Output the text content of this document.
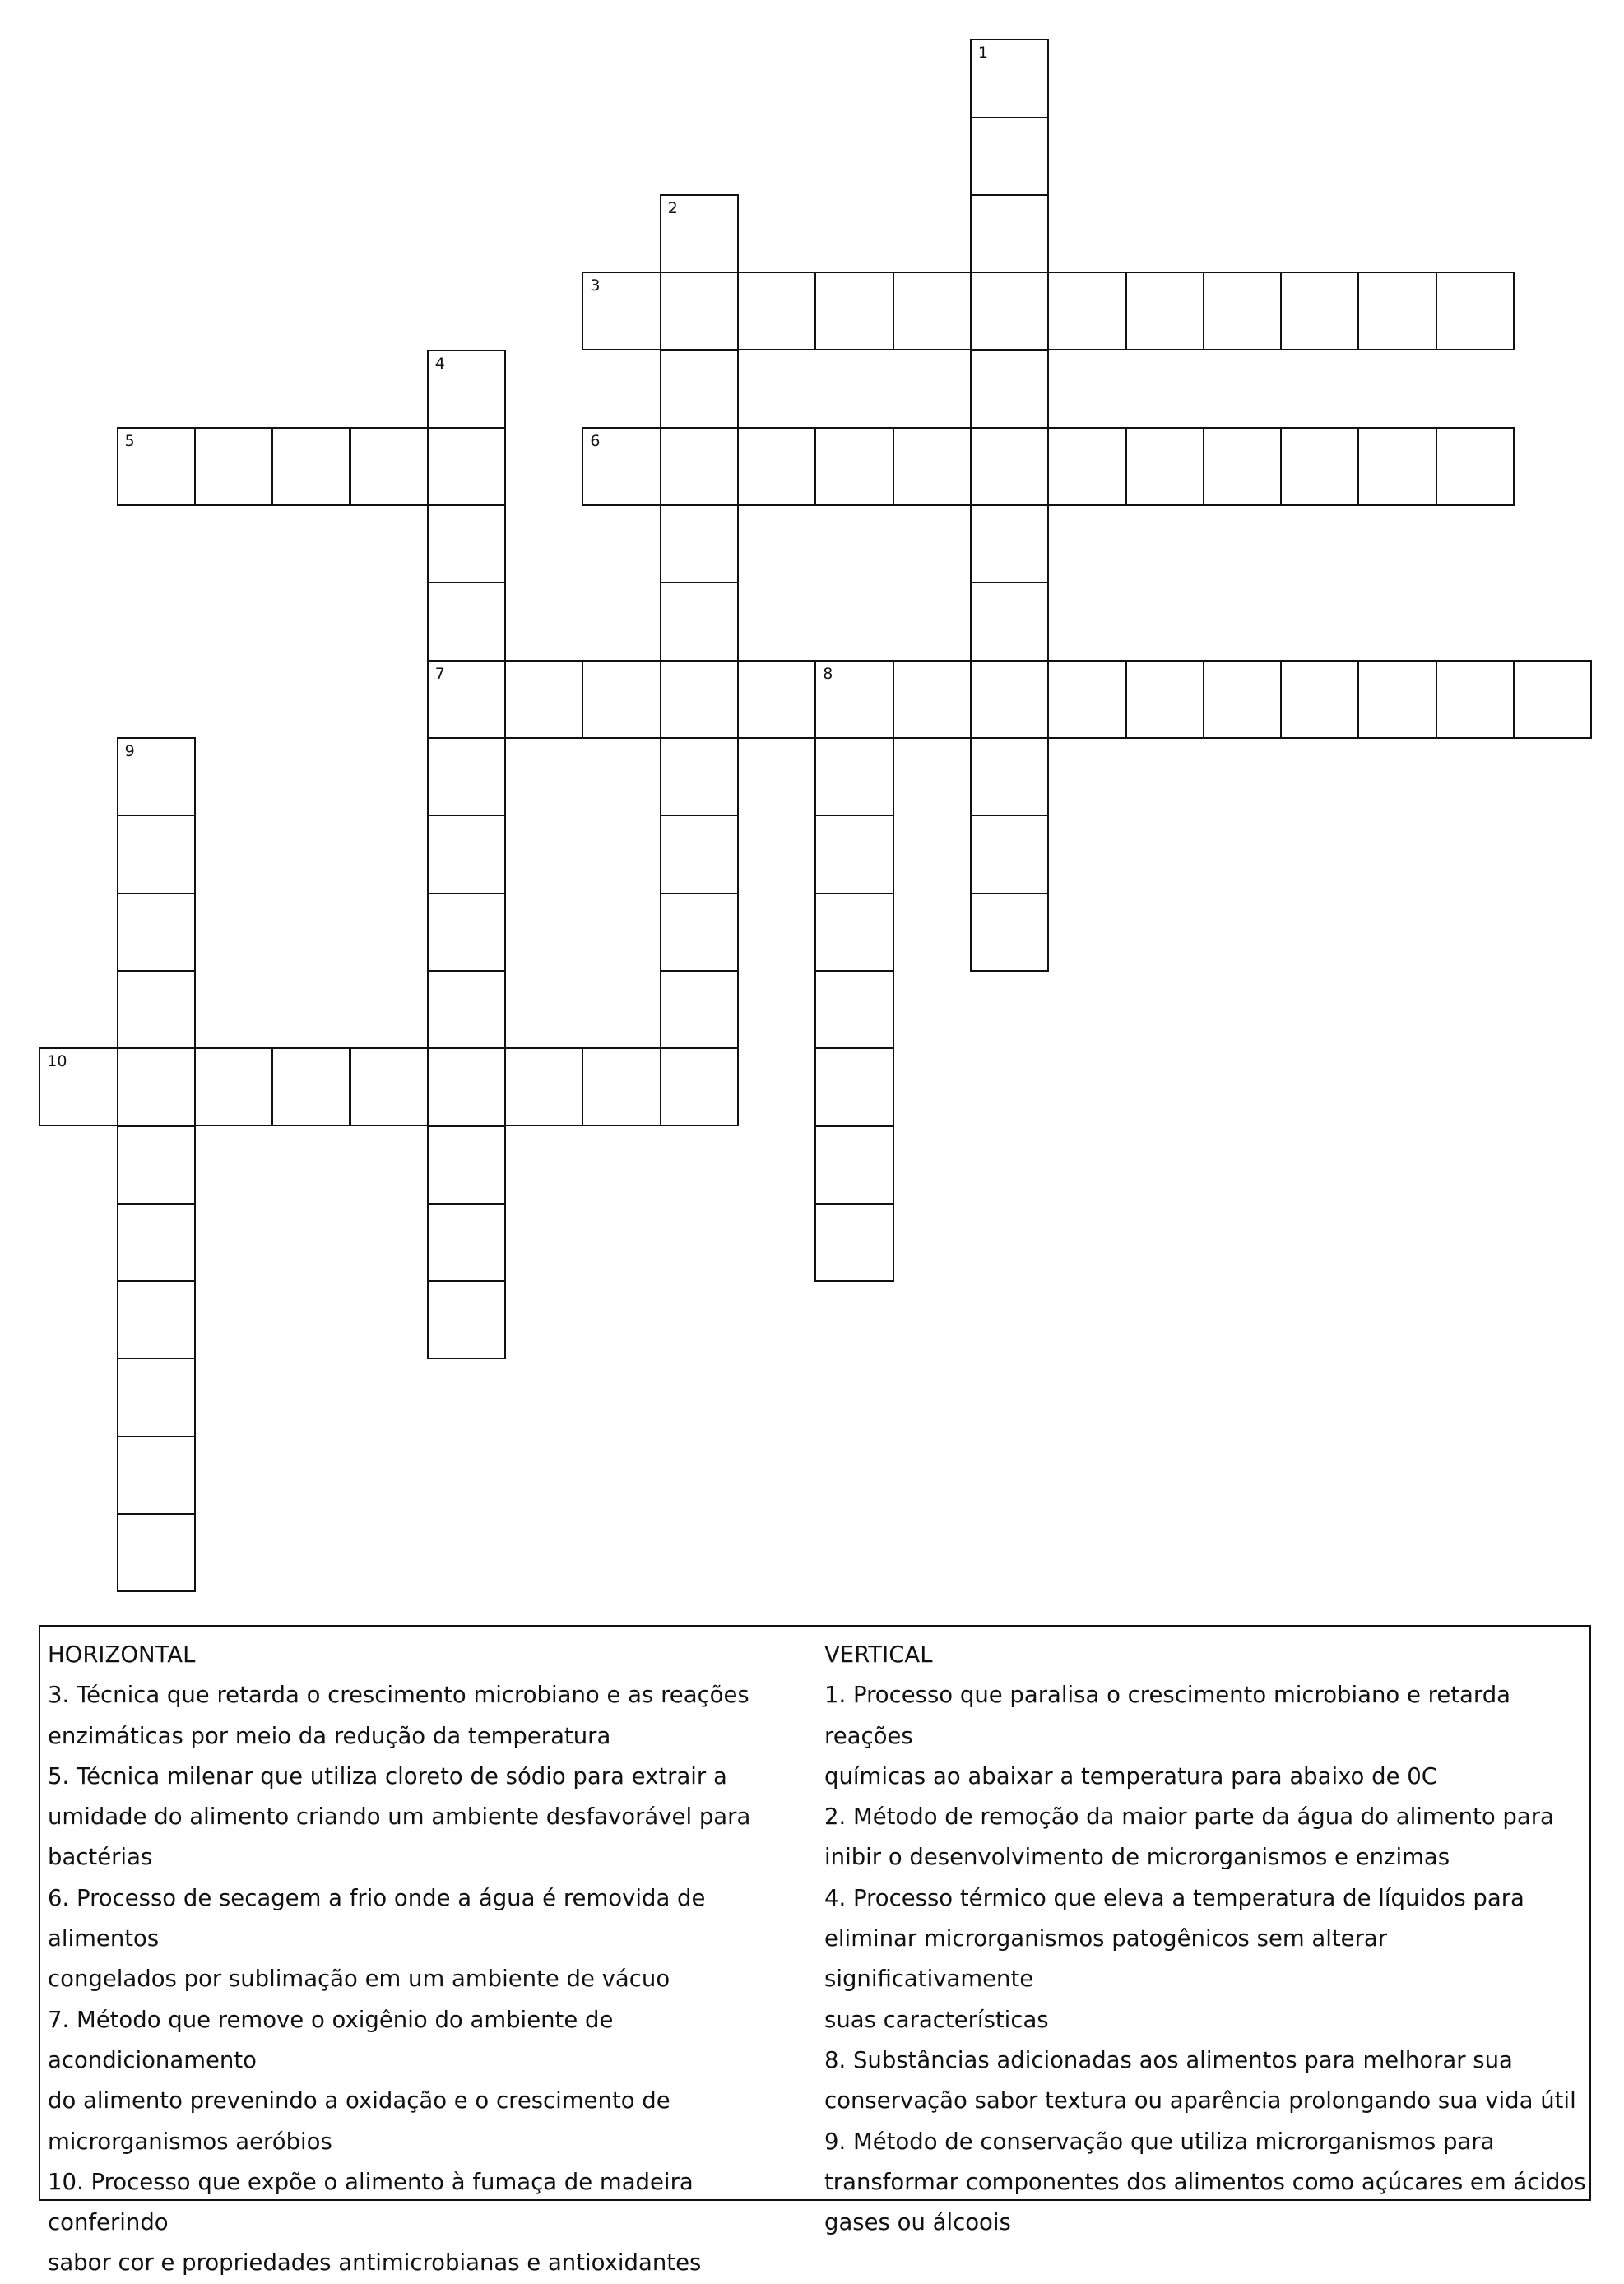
1
2
3
4
5	6
7	8
9
10

HORIZONTAL

3. Técnica que retarda o crescimento microbiano e as reações

enzimáticas por meio da redução da temperatura

5. Técnica milenar que utiliza cloreto de sódio para extrair a

umidade do alimento criando um ambiente desfavorável para

bactérias

6. Processo de secagem a frio onde a água é removida de alimentos

congelados por sublimação em um ambiente de vácuo

7. Método que remove o oxigênio do ambiente de acondicionamento

do alimento prevenindo a oxidação e o crescimento de

microrganismos aeróbios

10. Processo que expõe o alimento à fumaça de madeira conferindo

sabor cor e propriedades antimicrobianas e antioxidantes

VERTICAL

1. Processo que paralisa o crescimento microbiano e retarda reações

químicas ao abaixar a temperatura para abaixo de 0C

2. Método de remoção da maior parte da água do alimento para

inibir o desenvolvimento de microrganismos e enzimas

4. Processo térmico que eleva a temperatura de líquidos para

eliminar microrganismos patogênicos sem alterar significativamente

suas características

8. Substâncias adicionadas aos alimentos para melhorar sua

conservação sabor textura ou aparência prolongando sua vida útil

9. Método de conservação que utiliza microrganismos para

transformar componentes dos alimentos como açúcares em ácidos

gases ou álcoois
